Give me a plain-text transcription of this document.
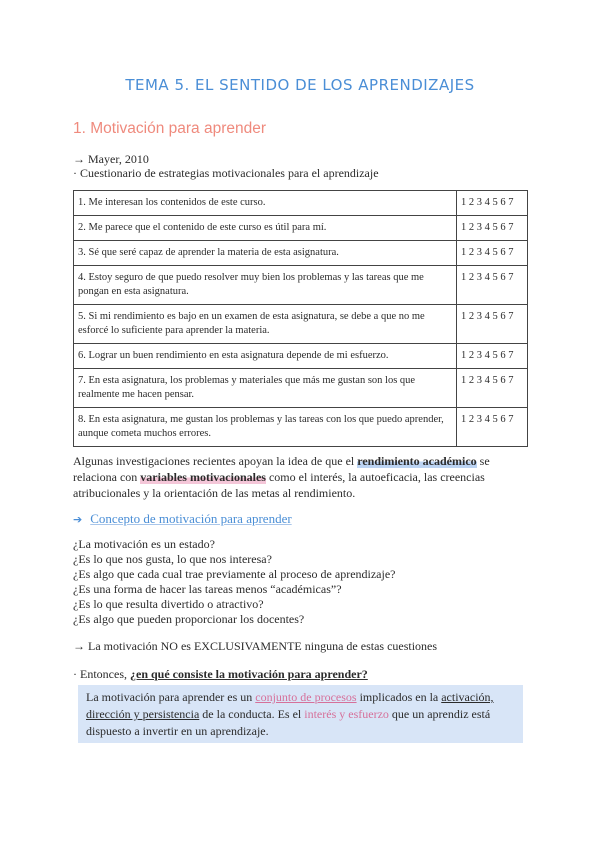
TEMA 5. EL SENTIDO DE LOS APRENDIZAJES
1. Motivación para aprender
→ Mayer, 2010
· Cuestionario de estrategias motivacionales para el aprendizaje
1. Me interesan los contenidos de este curso.	1 2 3 4 5 6 7
2. Me parece que el contenido de este curso es útil para mí.	1 2 3 4 5 6 7
3. Sé que seré capaz de aprender la materia de esta asignatura.	1 2 3 4 5 6 7
4. Estoy seguro de que puedo resolver muy bien los problemas y las tareas que me pongan en esta asignatura.	1 2 3 4 5 6 7
5. Si mi rendimiento es bajo en un examen de esta asignatura, se debe a que no me esforcé lo suficiente para aprender la materia.	1 2 3 4 5 6 7
6. Lograr un buen rendimiento en esta asignatura depende de mi esfuerzo.	1 2 3 4 5 6 7
7. En esta asignatura, los problemas y materiales que más me gustan son los que realmente me hacen pensar.	1 2 3 4 5 6 7
8. En esta asignatura, me gustan los problemas y las tareas con los que puedo aprender, aunque cometa muchos errores.	1 2 3 4 5 6 7
Algunas investigaciones recientes apoyan la idea de que el rendimiento académico se relaciona con variables motivacionales como el interés, la autoeficacia, las creencias atribucionales y la orientación de las metas al rendimiento.
➔ Concepto de motivación para aprender
¿La motivación es un estado?
¿Es lo que nos gusta, lo que nos interesa?
¿Es algo que cada cual trae previamente al proceso de aprendizaje?
¿Es una forma de hacer las tareas menos “académicas”?
¿Es lo que resulta divertido o atractivo?
¿Es algo que pueden proporcionar los docentes?
→ La motivación NO es EXCLUSIVAMENTE ninguna de estas cuestiones
· Entonces, ¿en qué consiste la motivación para aprender?
La motivación para aprender es un conjunto de procesos implicados en la activación, dirección y persistencia de la conducta. Es el interés y esfuerzo que un aprendiz está dispuesto a invertir en un aprendizaje.
